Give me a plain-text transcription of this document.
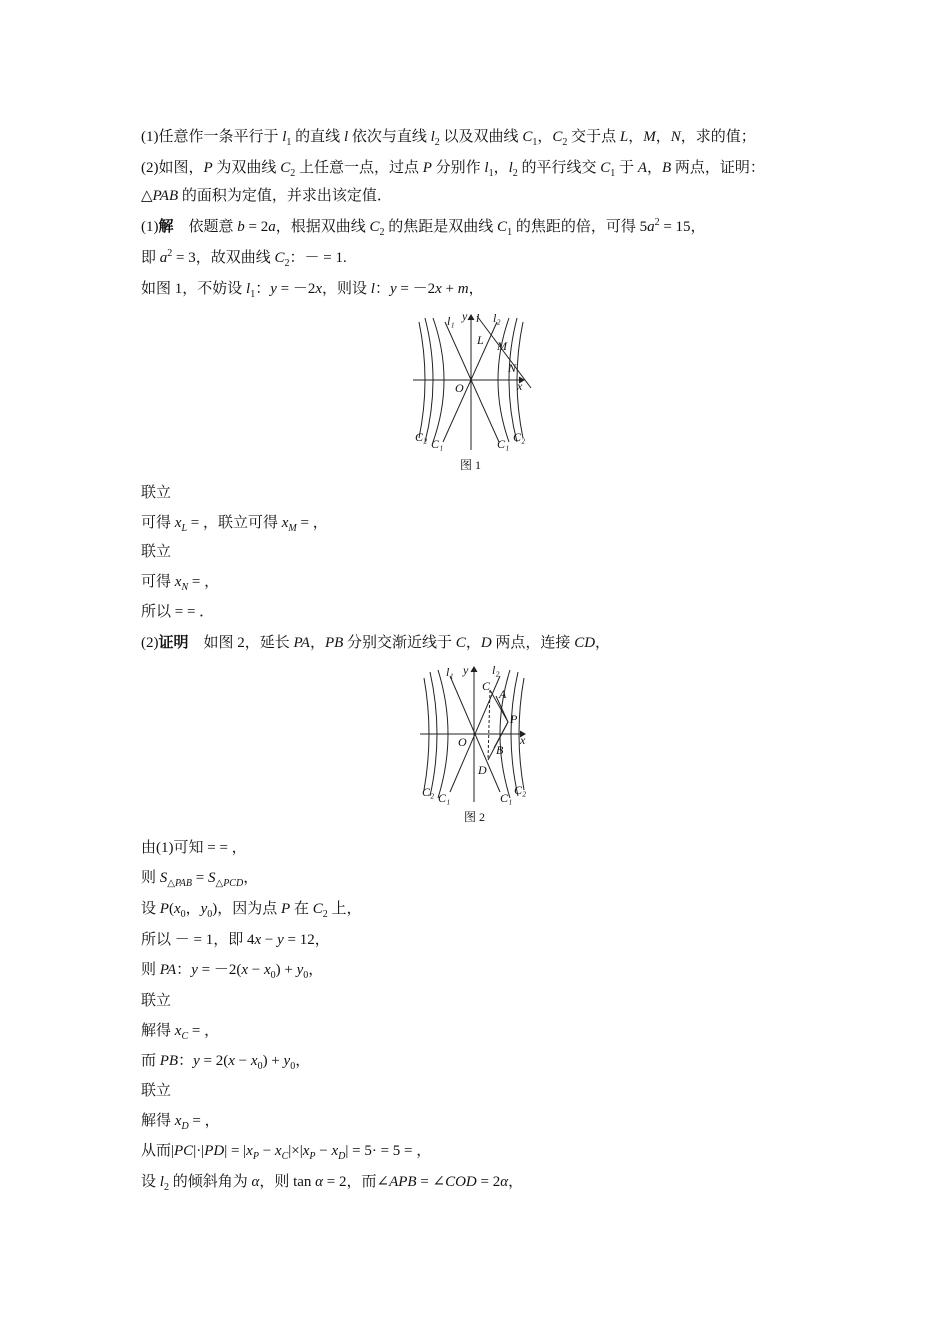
(1)任意作一条平行于 $l_1$ 的直线 l 依次与直线 $l_2$ 以及双曲线 $C_1$，$C_2$ 交于点 L，M，N，求的值；
(2)如图，P 为双曲线 $C_2$ 上任意一点，过点 P 分别作 $l_1$，$l_2$ 的平行线交 $C_1$ 于 A，B 两点，证明：
△PAB 的面积为定值，并求出该定值．
(1)解　依题意 b = 2a，根据双曲线 $C_2$ 的焦距是双曲线 $C_1$ 的焦距的倍，可得 $5a^2 = 15$，
即 $a^2 = 3$，故双曲线 $C_2$：－ = 1.
如图 1，不妨设 $l_1$：y = －2x，则设 l：y = －2x + m，
l₁ y l l₂
L M
N
O	x
C₂ C₁	C₁ C₂
图 1
联立
可得 $x_L$ = ，联立可得 $x_M$ = ，
联立
可得 $x_N$ = ，
所以 = = ．
(2)证明　如图 2，延长 PA，PB 分别交渐近线于 C，D 两点，连接 CD，
l₁ y l₂
C
A
P
O	x
B
D
C₂ C₁	C₁
C₂
图 2
由(1)可知 = = ，
则 $S_{\triangle PAB} = S_{\triangle PCD}$，
设 $P(x_0$，$y_0$)，因为点 P 在 $C_2$ 上，
所以 － = 1，即 4x − y = 12，
则 PA：$y = -2(x - x_0) + y_0$，
联立
解得 $x_C$ = ，
而 PB：$y = 2(x - x_0) + y_0$，
联立
解得 $x_D$ = ，
从而$|PC|\cdot|PD| = |x_P - x_C|\times|x_P - x_D| = 5\cdot = 5$ = ，
设 $l_2$ 的倾斜角为 α，则 tan α = 2，而∠APB = ∠COD = 2α，
